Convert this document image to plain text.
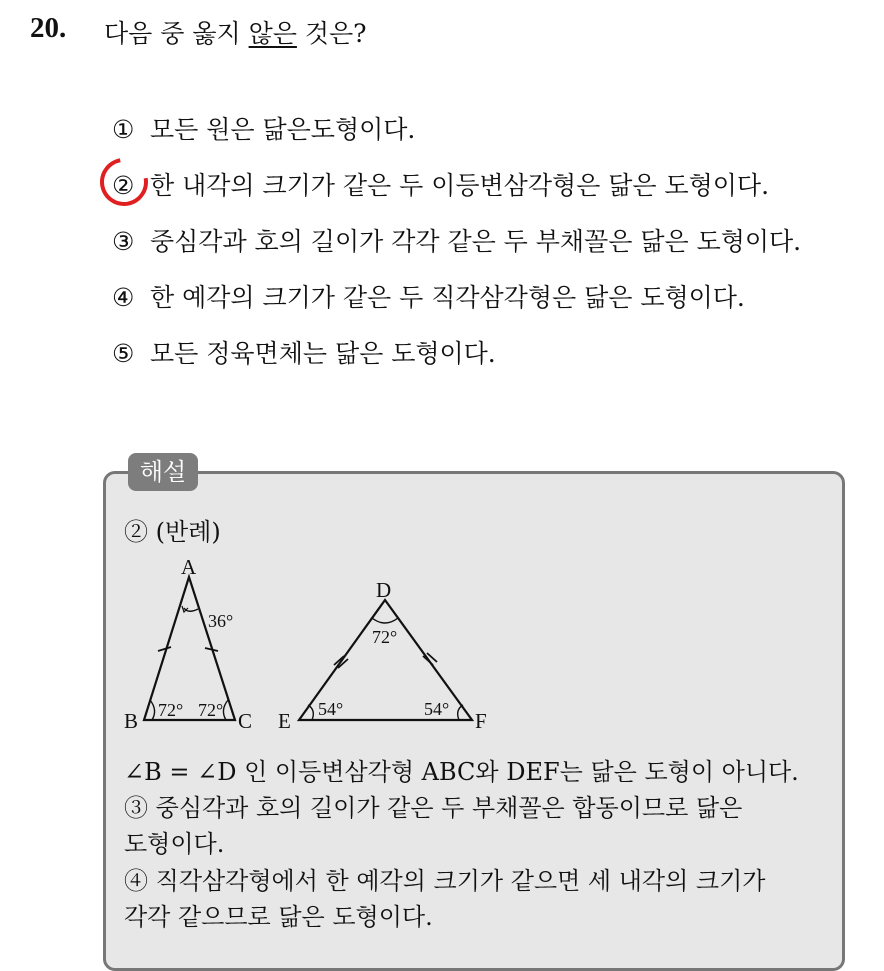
20. 다음 중 옳지 않은 것은?
① 모든 원은 닮은도형이다.
② 한 내각의 크기가 같은 두 이등변삼각형은 닮은 도형이다.
③ 중심각과 호의 길이가 각각 같은 두 부채꼴은 닮은 도형이다.
④ 한 예각의 크기가 같은 두 직각삼각형은 닮은 도형이다.
⑤ 모든 정육면체는 닮은 도형이다.
해설
② (반례)
A
B	C
36°
72° 72°
D
E	F
72°
54°	54°
∠B = ∠D 인 이등변삼각형 ABC와 DEF는 닮은 도형이 아니다.
③ 중심각과 호의 길이가 같은 두 부채꼴은 합동이므로 닮은
도형이다.
④ 직각삼각형에서 한 예각의 크기가 같으면 세 내각의 크기가
각각 같으므로 닮은 도형이다.
